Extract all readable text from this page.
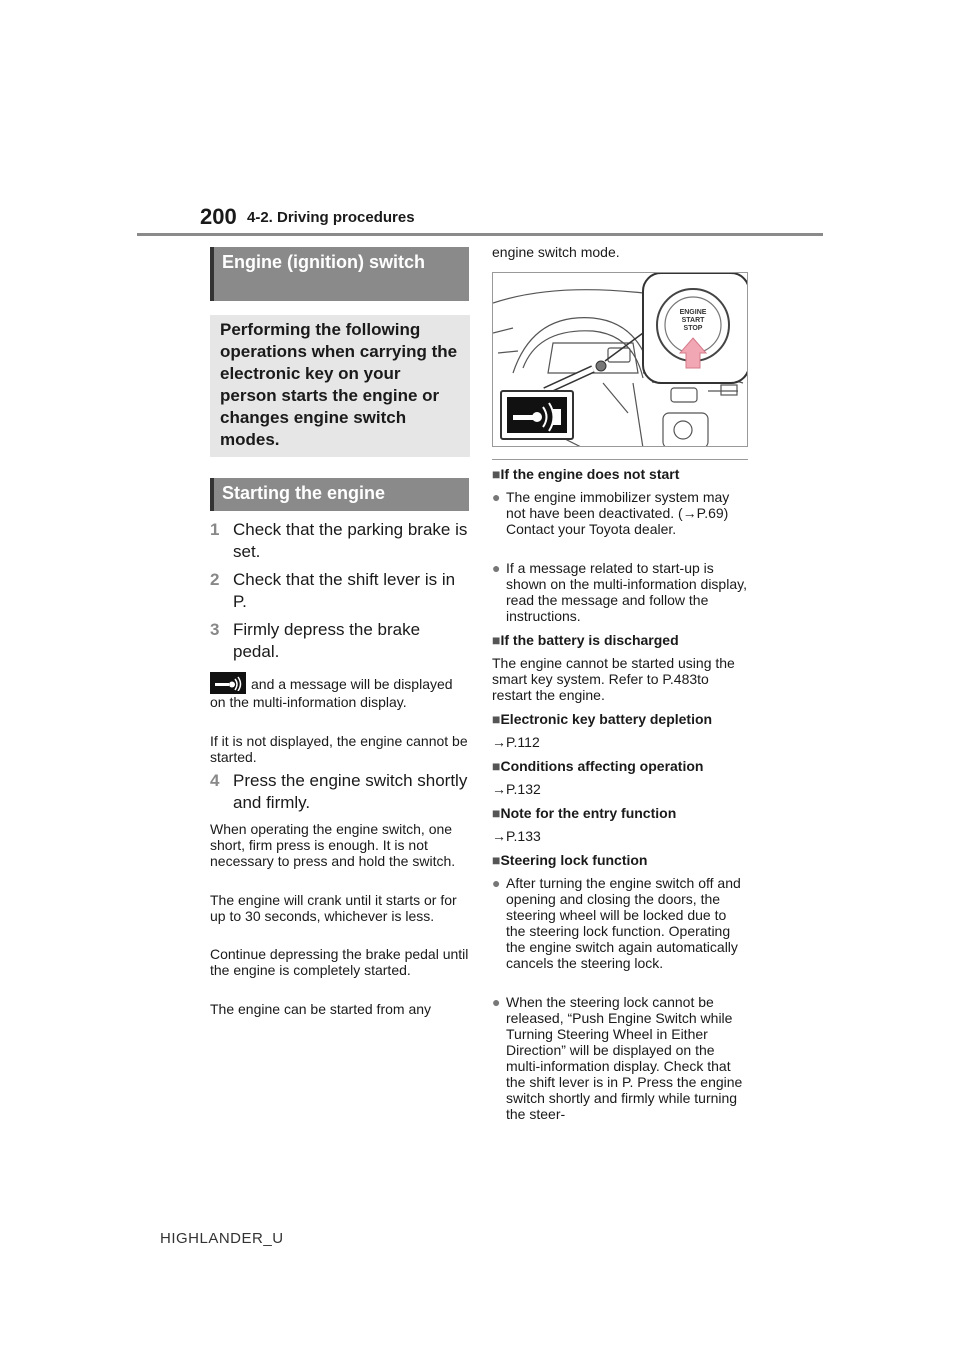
200 4-2. Driving procedures
Engine (ignition) switch
Performing the following operations when carrying the electronic key on your person starts the engine or changes engine switch modes.
Starting the engine
1 Check that the parking brake is set.
2 Check that the shift lever is in P.
3 Firmly depress the brake pedal.
and a message will be displayed on the multi-information display.
If it is not displayed, the engine cannot be started.
4 Press the engine switch shortly and firmly.
When operating the engine switch, one short, firm press is enough. It is not necessary to press and hold the switch.
The engine will crank until it starts or for up to 30 seconds, whichever is less.
Continue depressing the brake pedal until the engine is completely started.
The engine can be started from any
engine switch mode.
ENGINE
START
STOP
■If the engine does not start
● The engine immobilizer system may not have been deactivated. (→P.69) Contact your Toyota dealer.
● If a message related to start-up is shown on the multi-information display, read the message and follow the instructions.
■If the battery is discharged
The engine cannot be started using the smart key system. Refer to P.483to restart the engine.
■Electronic key battery depletion
→P.112
■Conditions affecting operation
→P.132
■Note for the entry function
→P.133
■Steering lock function
● After turning the engine switch off and opening and closing the doors, the steering wheel will be locked due to the steering lock function. Operating the engine switch again automatically cancels the steering lock.
● When the steering lock cannot be released, “Push Engine Switch while Turning Steering Wheel in Either Direction” will be displayed on the multi-information display. Check that the shift lever is in P. Press the engine switch shortly and firmly while turning the steer-
HIGHLANDER_U
